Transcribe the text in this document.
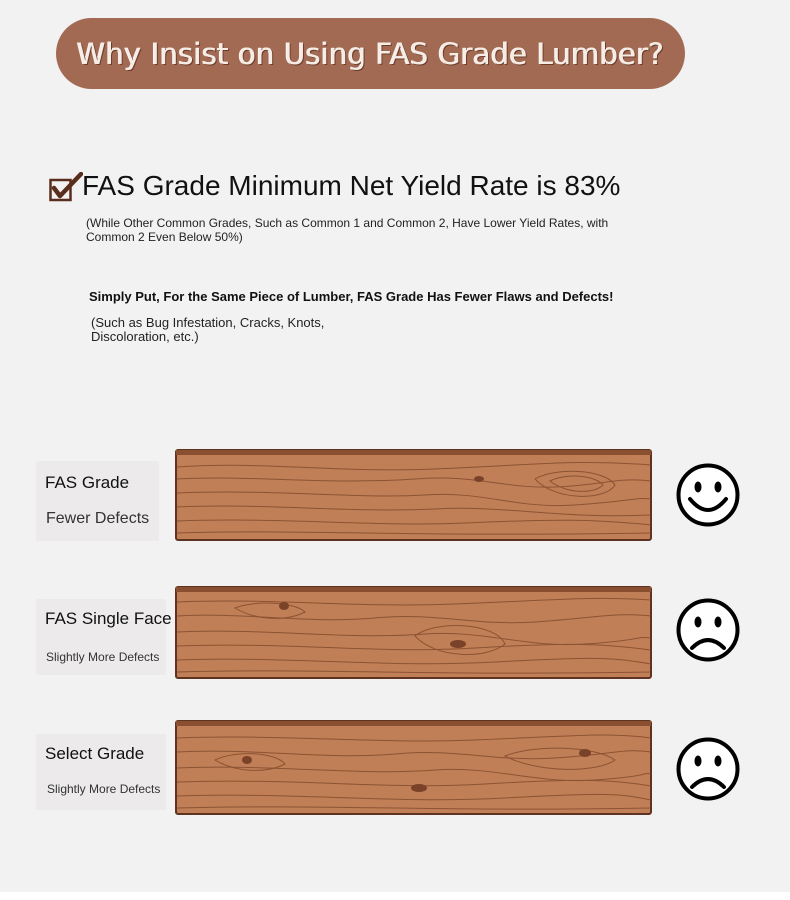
Why Insist on Using FAS Grade Lumber?
FAS Grade Minimum Net Yield Rate is 83%
(While Other Common Grades, Such as Common 1 and Common 2, Have Lower Yield Rates, with Common 2 Even Below 50%)
Simply Put, For the Same Piece of Lumber, FAS Grade Has Fewer Flaws and Defects!
(Such as Bug Infestation, Cracks, Knots, Discoloration, etc.)
FAS Grade
Fewer Defects
FAS Single Face
Slightly More Defects
Select Grade
Slightly More Defects
